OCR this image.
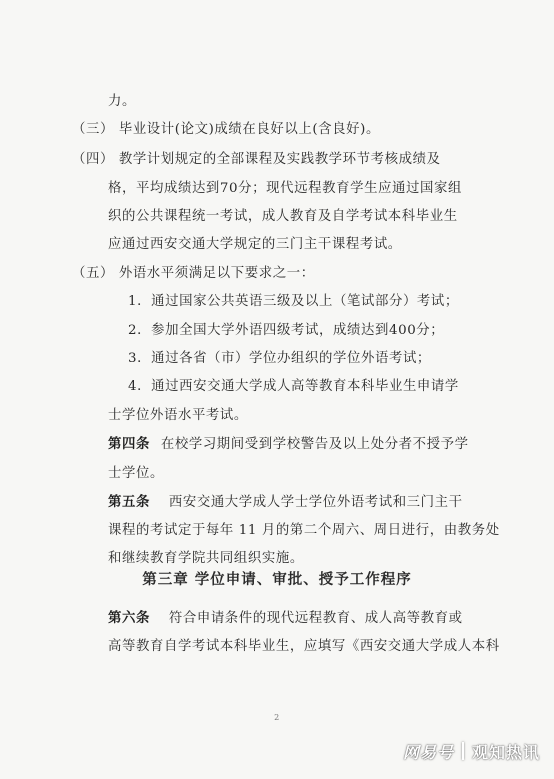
力。
（三） 毕业设计(论文)成绩在良好以上(含良好)。
（四） 教学计划规定的全部课程及实践教学环节考核成绩及
格，平均成绩达到70分；现代远程教育学生应通过国家组
织的公共课程统一考试，成人教育及自学考试本科毕业生
应通过西安交通大学规定的三门主干课程考试。
（五） 外语水平须满足以下要求之一：
1．通过国家公共英语三级及以上（笔试部分）考试；
2．参加全国大学外语四级考试，成绩达到400分；
3．通过各省（市）学位办组织的学位外语考试；
4．通过西安交通大学成人高等教育本科毕业生申请学
士学位外语水平考试。
第四条 在校学习期间受到学校警告及以上处分者不授予学
士学位。
第五条 西安交通大学成人学士学位外语考试和三门主干
课程的考试定于每年 11 月的第二个周六、周日进行，由教务处
和继续教育学院共同组织实施。
第三章 学位申请、审批、授予工作程序
第六条 符合申请条件的现代远程教育、成人高等教育或
高等教育自学考试本科毕业生，应填写《西安交通大学成人本科
2
网易号 观知热讯
